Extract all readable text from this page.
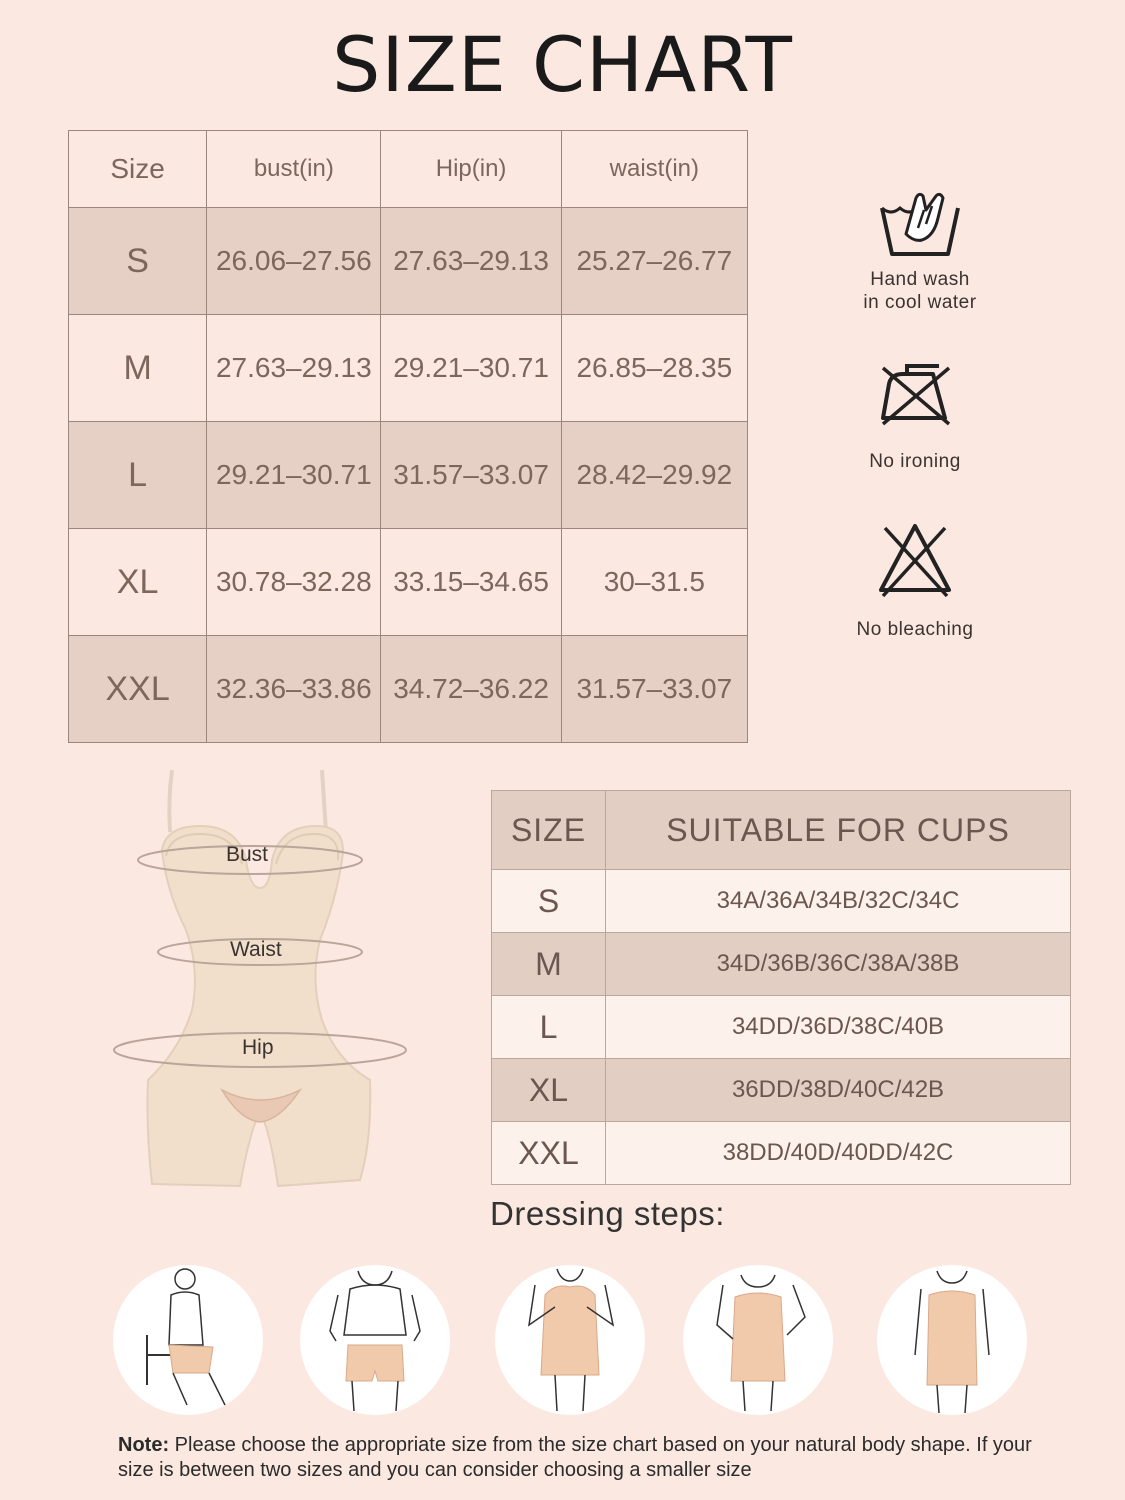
SIZE CHART
Size	bust(in)	Hip(in)	waist(in)
S	26.06–27.56	27.63–29.13	25.27–26.77
M	27.63–29.13	29.21–30.71	26.85–28.35
L	29.21–30.71	31.57–33.07	28.42–29.92
XL	30.78–32.28	33.15–34.65	30–31.5
XXL	32.36–33.86	34.72–36.22	31.57–33.07
Hand wash
in cool water
No ironing
No bleaching
Bust
Waist
Hip
SIZE	SUITABLE FOR CUPS
S	34A/36A/34B/32C/34C
M	34D/36B/36C/38A/38B
L	34DD/36D/38C/40B
XL	36DD/38D/40C/42B
XXL	38DD/40D/40DD/42C
Dressing steps:
Note: Please choose the appropriate size from the size chart based on your natural body shape. If your size is between two sizes and you can consider choosing a smaller size
